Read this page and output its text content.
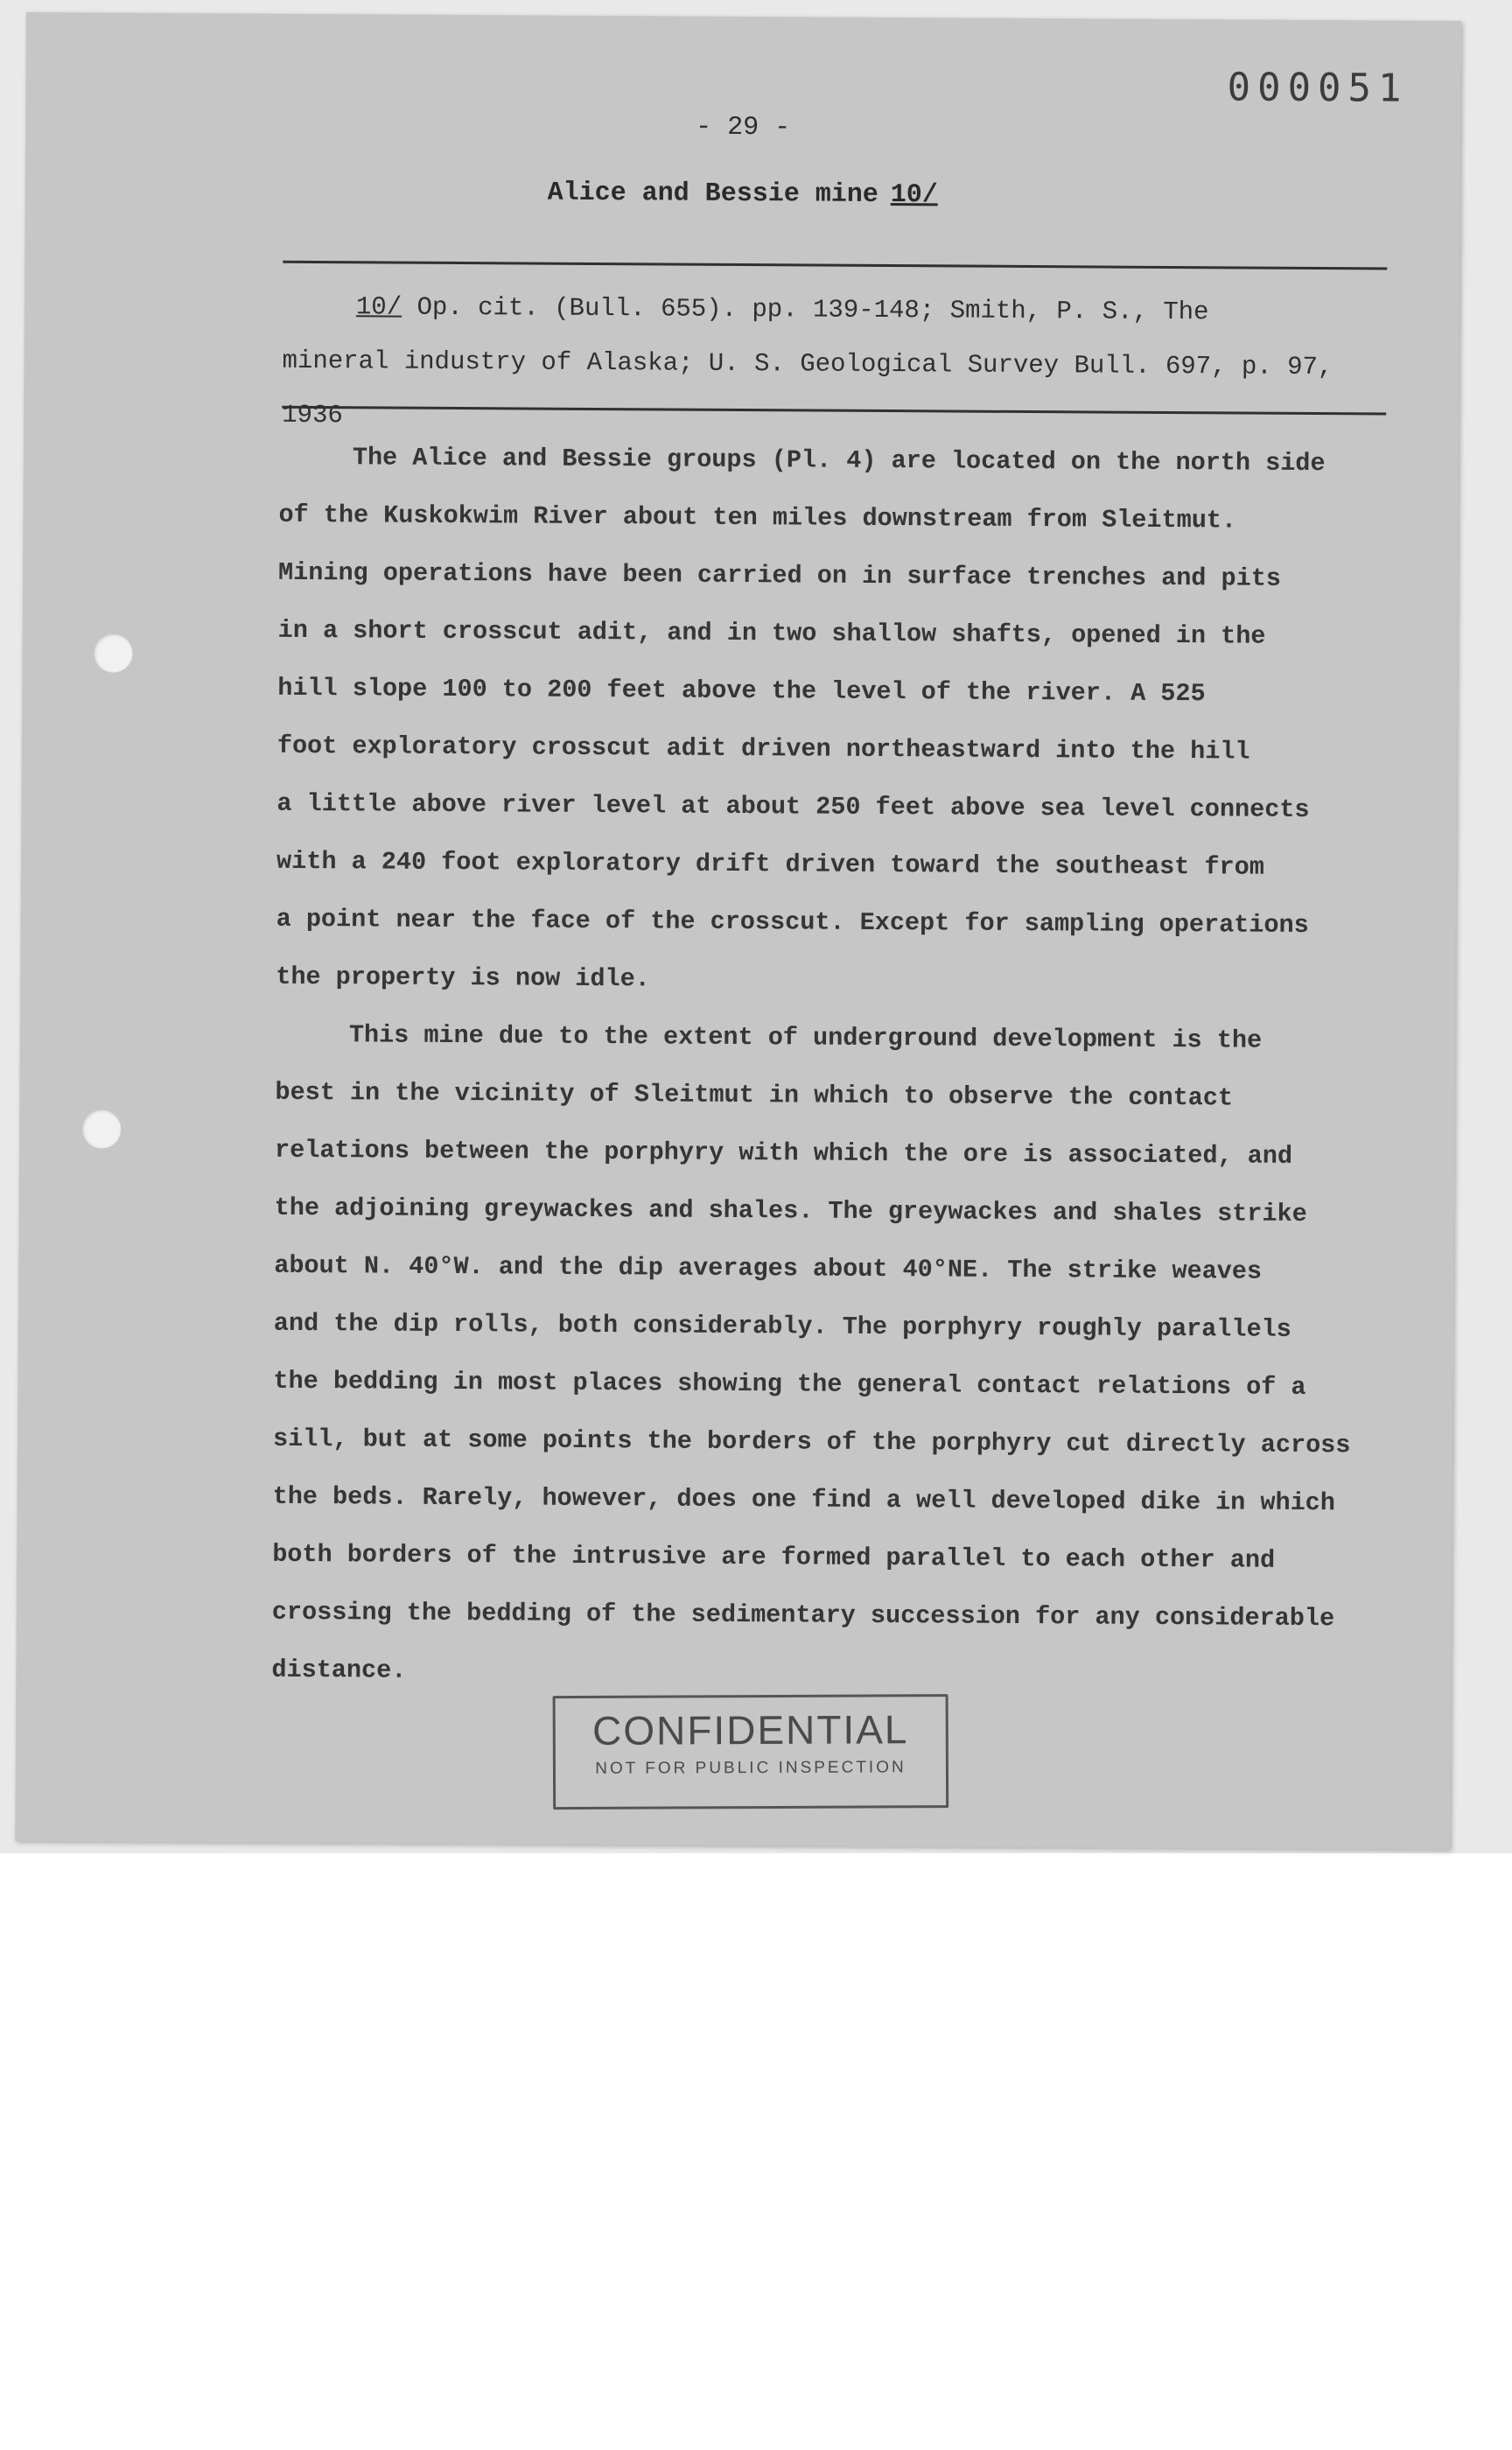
000051
- 29 -
Alice and Bessie mine 10/
10/ Op. cit. (Bull. 655). pp. 139-148; Smith, P. S., The
mineral industry of Alaska; U. S. Geological Survey Bull. 697, p. 97, 1936

The Alice and Bessie groups (Pl. 4) are located on the north side
of the Kuskokwim River about ten miles downstream from Sleitmut.
Mining operations have been carried on in surface trenches and pits
in a short crosscut adit, and in two shallow shafts, opened in the
hill slope 100 to 200 feet above the level of the river. A 525
foot exploratory crosscut adit driven northeastward into the hill
a little above river level at about 250 feet above sea level connects
with a 240 foot exploratory drift driven toward the southeast from
a point near the face of the crosscut. Except for sampling operations
the property is now idle.

This mine due to the extent of underground development is the
best in the vicinity of Sleitmut in which to observe the contact
relations between the porphyry with which the ore is associated, and
the adjoining greywackes and shales. The greywackes and shales strike
about N. 40°W. and the dip averages about 40°NE. The strike weaves
and the dip rolls, both considerably. The porphyry roughly parallels
the bedding in most places showing the general contact relations of a
sill, but at some points the borders of the porphyry cut directly across
the beds. Rarely, however, does one find a well developed dike in which
both borders of the intrusive are formed parallel to each other and
crossing the bedding of the sedimentary succession for any considerable
distance.

CONFIDENTIAL
NOT FOR PUBLIC INSPECTION
